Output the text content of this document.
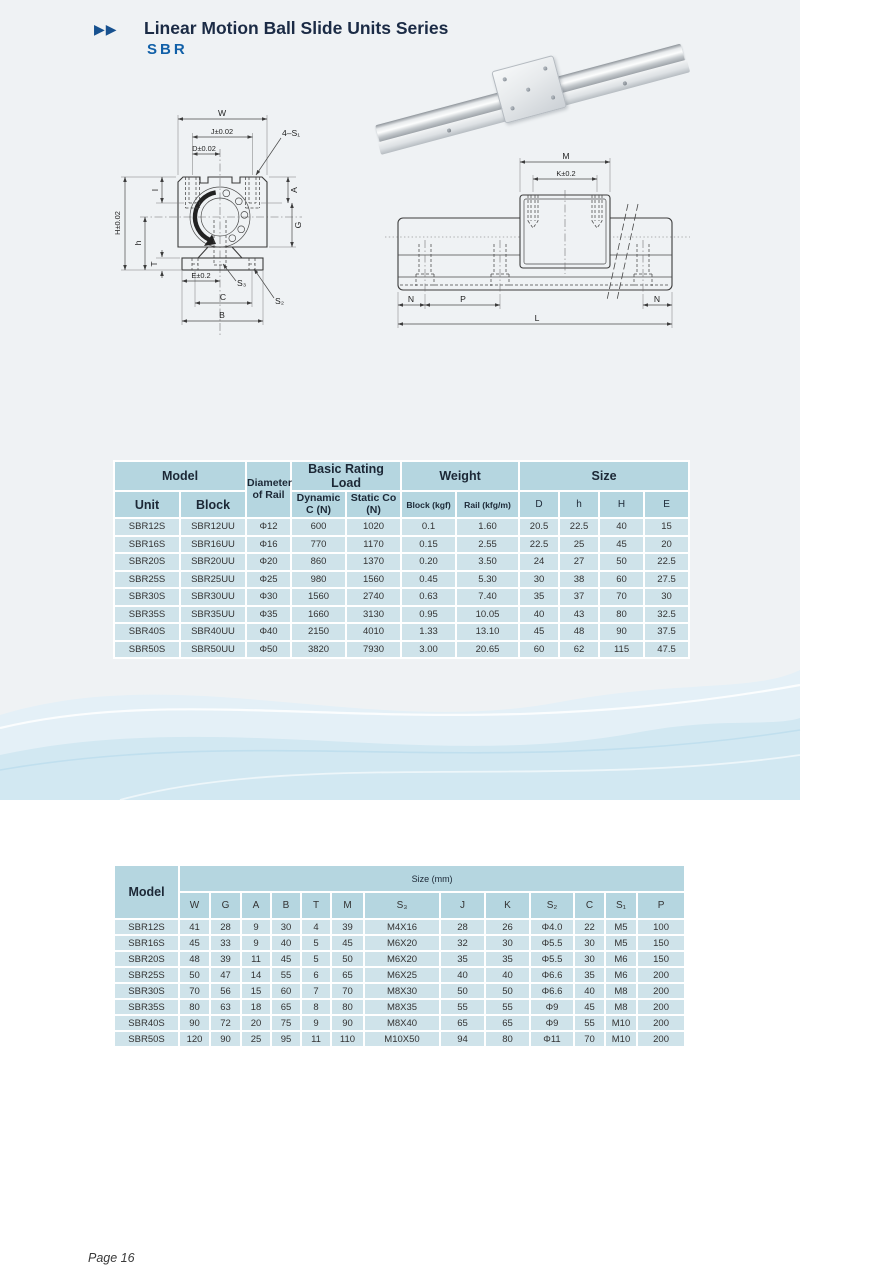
▶▶ Linear Motion Ball Slide Units Series
SBR
W
J±0.02
D±0.02
4–S₁
I	A
G
H±0.02
h
T
E±0.2
S₃
S₂
C
B
M
K±0.2
N	P	N
L
Model		Diameter of Rail	Basic Rating Load		Weight		Size			
Unit	Block		Dynamic C (N)	Static Co (N)	Block (kgf)	Rail (kfg/m)	D	h	H	E
SBR12S	SBR12UU	Φ12	600	1020	0.1	1.60	20.5	22.5	40	15
SBR16S	SBR16UU	Φ16	770	1170	0.15	2.55	22.5	25	45	20
SBR20S	SBR20UU	Φ20	860	1370	0.20	3.50	24	27	50	22.5
SBR25S	SBR25UU	Φ25	980	1560	0.45	5.30	30	38	60	27.5
SBR30S	SBR30UU	Φ30	1560	2740	0.63	7.40	35	37	70	30
SBR35S	SBR35UU	Φ35	1660	3130	0.95	10.05	40	43	80	32.5
SBR40S	SBR40UU	Φ40	2150	4010	1.33	13.10	45	48	90	37.5
SBR50S	SBR50UU	Φ50	3820	7930	3.00	20.65	60	62	115	47.5
Model	Size (mm)												
	W	G	A	B	T	M	S₃	J	K	S₂	C	S₁	P
SBR12S	41	28	9	30	4	39	M4X16	28	26	Φ4.0	22	M5	100
SBR16S	45	33	9	40	5	45	M6X20	32	30	Φ5.5	30	M5	150
SBR20S	48	39	11	45	5	50	M6X20	35	35	Φ5.5	30	M6	150
SBR25S	50	47	14	55	6	65	M6X25	40	40	Φ6.6	35	M6	200
SBR30S	70	56	15	60	7	70	M8X30	50	50	Φ6.6	40	M8	200
SBR35S	80	63	18	65	8	80	M8X35	55	55	Φ9	45	M8	200
SBR40S	90	72	20	75	9	90	M8X40	65	65	Φ9	55	M10	200
SBR50S	120	90	25	95	11	110	M10X50	94	80	Φ11	70	M10	200
Page 16
